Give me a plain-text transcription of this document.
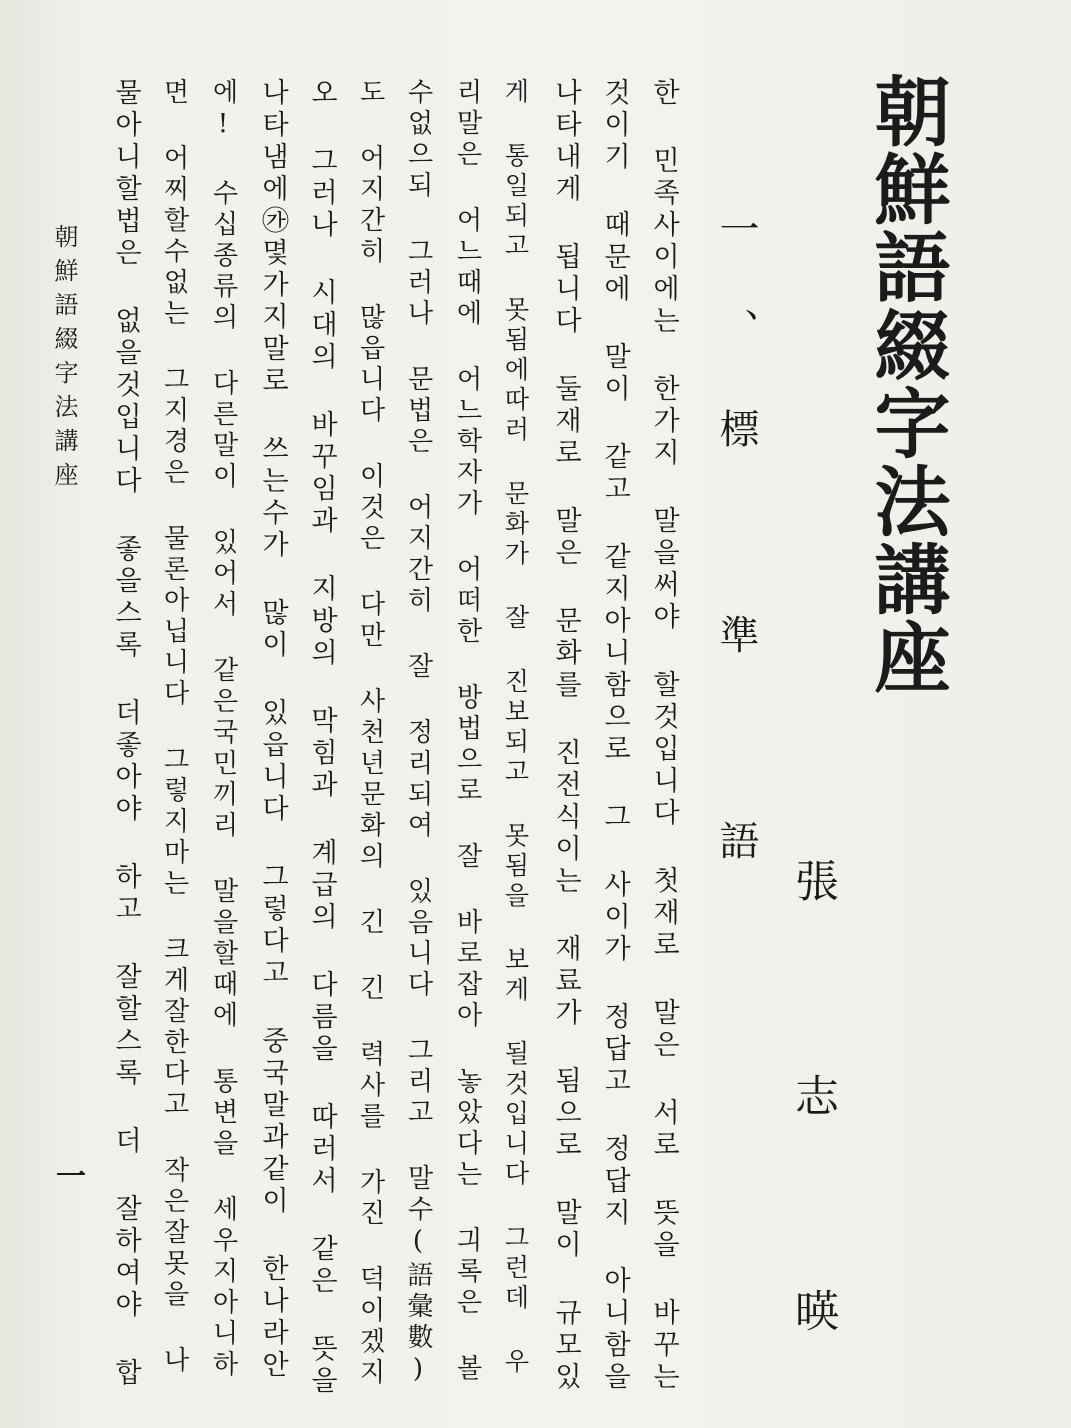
朝鮮語綴字法講座
張 志 暎
一、標 準 語
한 민족사이에는 한가지 말을써야 할것입니다 첫재로 말은 서로 뜻을 바꾸는
것이기 때문에 말이 같고 같지아니함으로 그 사이가 정답고 정답지 아니함을
나타내게 됩니다 둘재로 말은 문화를 진전식이는 재료가 됨으로 말이 규모있
게 통일되고 못됨에따러 문화가 잘 진보되고 못됨을 보게 될것입니다 그런데 우
리말은 어느때에 어느학자가 어떠한 방법으로 잘 바로잡아 놓았다는 긔록은 볼
수없으되 그러나 문법은 어지간히 잘 정리되여 있음니다 그리고 말수(語彙數)
도 어지간히 많읍니다 이것은 다만 사천년문화의 긴 긴 력사를 가진 덕이겠지
오 그러나 시대의 바꾸임과 지방의 막힘과 계급의 다름을 따러서 같은 뜻을
나타냄에㉮몇가지말로 쓰는수가 많이 있읍니다 그렇다고 중국말과같이 한나라안
에! 수십종류의 다른말이 있어서 같은국민끼리 말을할때에 통변을 세우지아니하
면 어찌할수없는 그지경은 물론아닙니다 그렇지마는 크게잘한다고 작은잘못을 나
물아니할법은 없을것입니다 좋을스록 더좋아야 하고 잘할스록 더 잘하여야 합
朝鮮語綴字法講座
一
